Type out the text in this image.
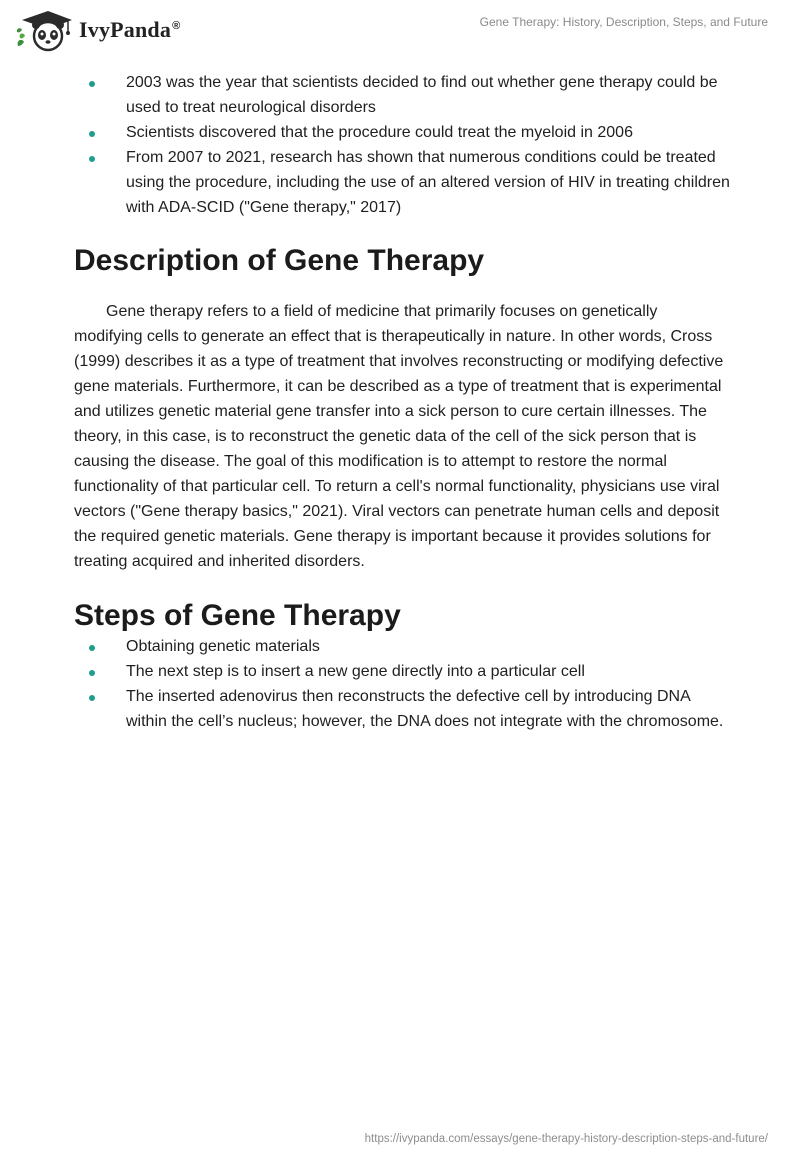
IvyPanda®	Gene Therapy: History, Description, Steps, and Future
2003 was the year that scientists decided to find out whether gene therapy could be used to treat neurological disorders
Scientists discovered that the procedure could treat the myeloid in 2006
From 2007 to 2021, research has shown that numerous conditions could be treated using the procedure, including the use of an altered version of HIV in treating children with ADA-SCID ("Gene therapy," 2017)
Description of Gene Therapy

Gene therapy refers to a field of medicine that primarily focuses on genetically modifying cells to generate an effect that is therapeutically in nature. In other words, Cross (1999) describes it as a type of treatment that involves reconstructing or modifying defective gene materials. Furthermore, it can be described as a type of treatment that is experimental and utilizes genetic material gene transfer into a sick person to cure certain illnesses. The theory, in this case, is to reconstruct the genetic data of the cell of the sick person that is causing the disease. The goal of this modification is to attempt to restore the normal functionality of that particular cell. To return a cell's normal functionality, physicians use viral vectors ("Gene therapy basics," 2021). Viral vectors can penetrate human cells and deposit the required genetic materials. Gene therapy is important because it provides solutions for treating acquired and inherited disorders.

Steps of Gene Therapy
Obtaining genetic materials
The next step is to insert a new gene directly into a particular cell
The inserted adenovirus then reconstructs the defective cell by introducing DNA within the cell’s nucleus; however, the DNA does not integrate with the chromosome.
https://ivypanda.com/essays/gene-therapy-history-description-steps-and-future/
